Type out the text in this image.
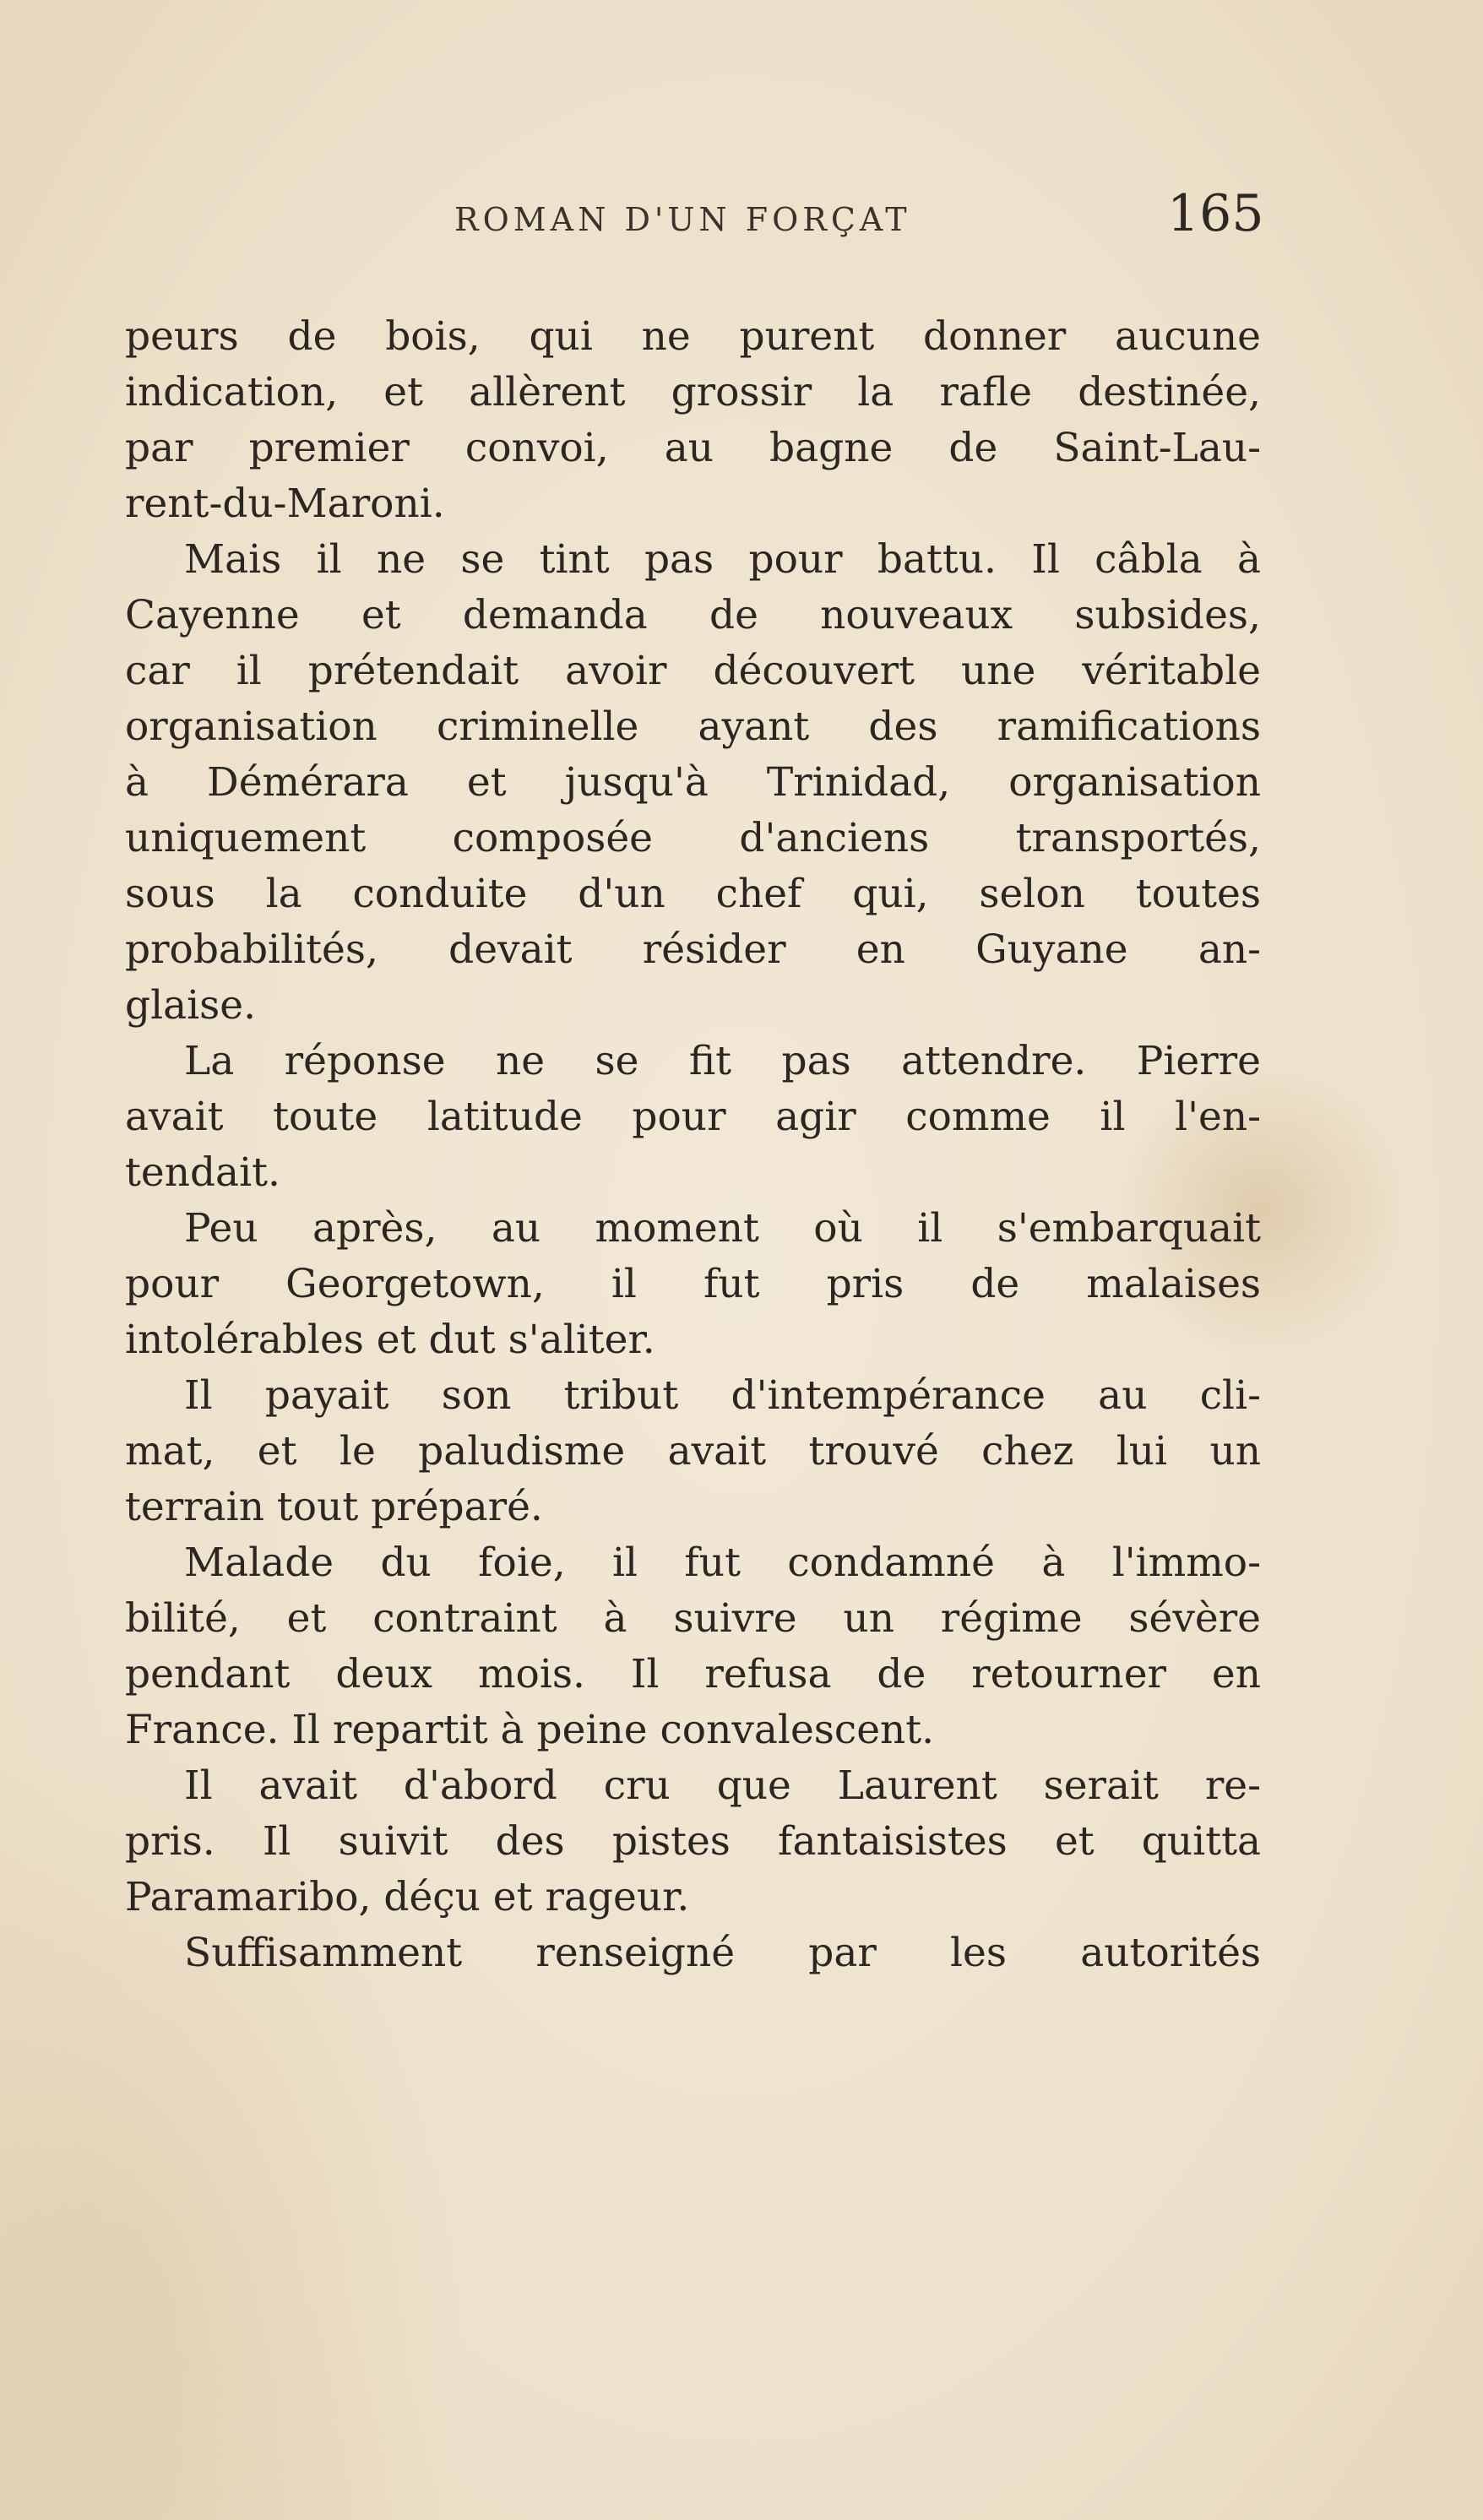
ROMAN D'UN FORÇAT	165
peurs de bois, qui ne purent donner aucune
indication, et allèrent grossir la rafle destinée,
par premier convoi, au bagne de Saint-Lau-
rent-du-Maroni.
Mais il ne se tint pas pour battu. Il câbla à
Cayenne et demanda de nouveaux subsides,
car il prétendait avoir découvert une véritable
organisation criminelle ayant des ramifications
à Démérara et jusqu'à Trinidad, organisation
uniquement composée d'anciens transportés,
sous la conduite d'un chef qui, selon toutes
probabilités, devait résider en Guyane an-
glaise.
La réponse ne se fit pas attendre. Pierre
avait toute latitude pour agir comme il l'en-
tendait.
Peu après, au moment où il s'embarquait
pour Georgetown, il fut pris de malaises
intolérables et dut s'aliter.
Il payait son tribut d'intempérance au cli-
mat, et le paludisme avait trouvé chez lui un
terrain tout préparé.
Malade du foie, il fut condamné à l'immo-
bilité, et contraint à suivre un régime sévère
pendant deux mois. Il refusa de retourner en
France. Il repartit à peine convalescent.
Il avait d'abord cru que Laurent serait re-
pris. Il suivit des pistes fantaisistes et quitta
Paramaribo, déçu et rageur.
Suffisamment renseigné par les autorités
